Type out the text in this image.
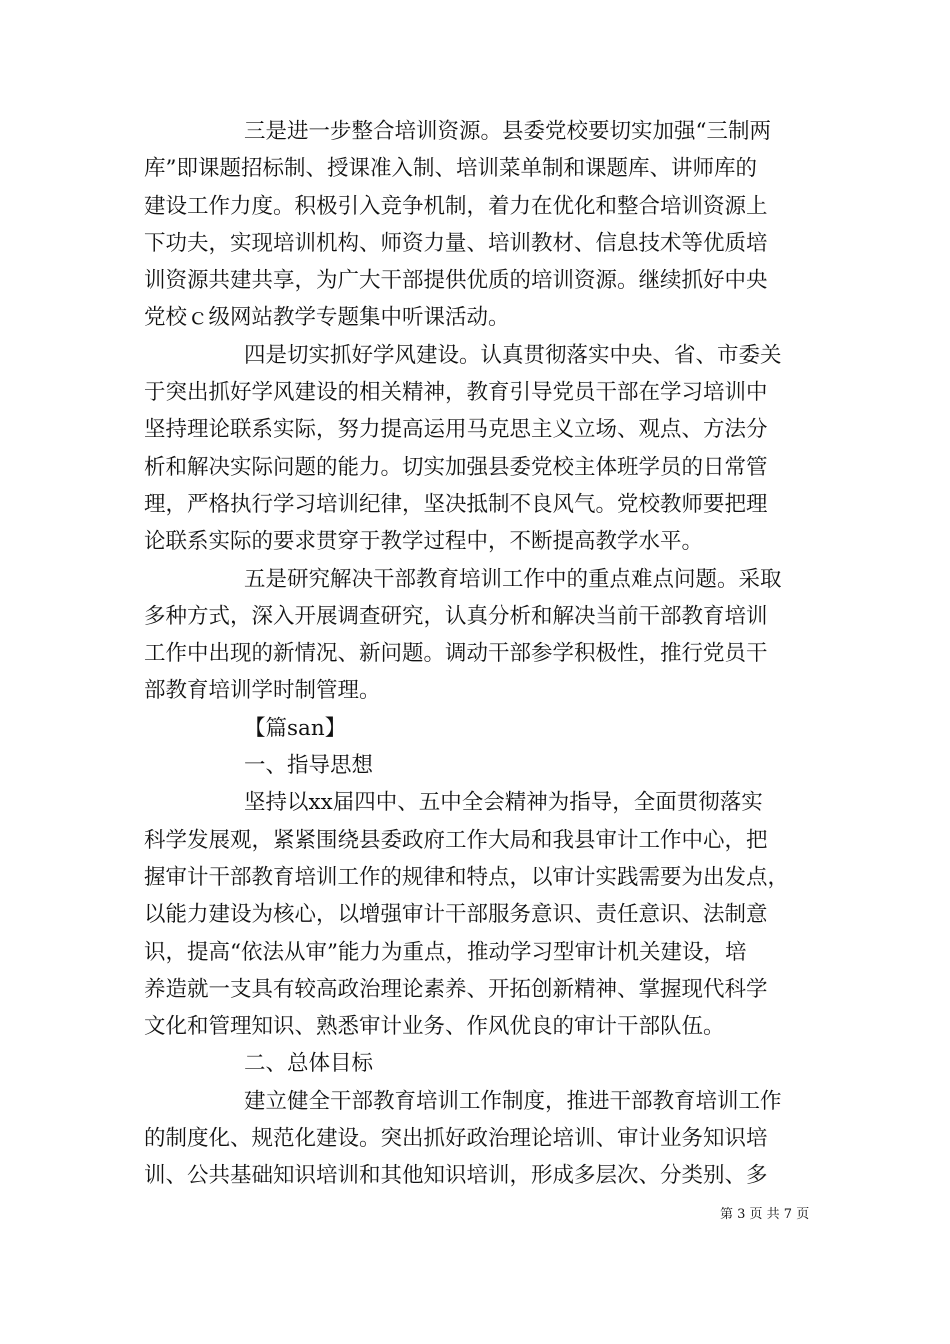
三是进一步整合培训资源。县委党校要切实加强“三制两
库”即课题招标制、授课准入制、培训菜单制和课题库、讲师库的
建设工作力度。积极引入竞争机制，着力在优化和整合培训资源上
下功夫，实现培训机构、师资力量、培训教材、信息技术等优质培
训资源共建共享，为广大干部提供优质的培训资源。继续抓好中央
党校ｃ级网站教学专题集中听课活动。
四是切实抓好学风建设。认真贯彻落实中央、省、市委关
于突出抓好学风建设的相关精神，教育引导党员干部在学习培训中
坚持理论联系实际，努力提高运用马克思主义立场、观点、方法分
析和解决实际问题的能力。切实加强县委党校主体班学员的日常管
理，严格执行学习培训纪律，坚决抵制不良风气。党校教师要把理
论联系实际的要求贯穿于教学过程中，不断提高教学水平。
五是研究解决干部教育培训工作中的重点难点问题。采取
多种方式，深入开展调查研究，认真分析和解决当前干部教育培训
工作中出现的新情况、新问题。调动干部参学积极性，推行党员干
部教育培训学时制管理。
【篇san】
一、指导思想
坚持以xx届四中、五中全会精神为指导，全面贯彻落实
科学发展观，紧紧围绕县委政府工作大局和我县审计工作中心，把
握审计干部教育培训工作的规律和特点，以审计实践需要为出发点，
以能力建设为核心，以增强审计干部服务意识、责任意识、法制意
识，提高“依法从审”能力为重点，推动学习型审计机关建设，培
养造就一支具有较高政治理论素养、开拓创新精神、掌握现代科学
文化和管理知识、熟悉审计业务、作风优良的审计干部队伍。
二、总体目标
建立健全干部教育培训工作制度，推进干部教育培训工作
的制度化、规范化建设。突出抓好政治理论培训、审计业务知识培
训、公共基础知识培训和其他知识培训，形成多层次、分类别、多
第 3 页 共 7 页
